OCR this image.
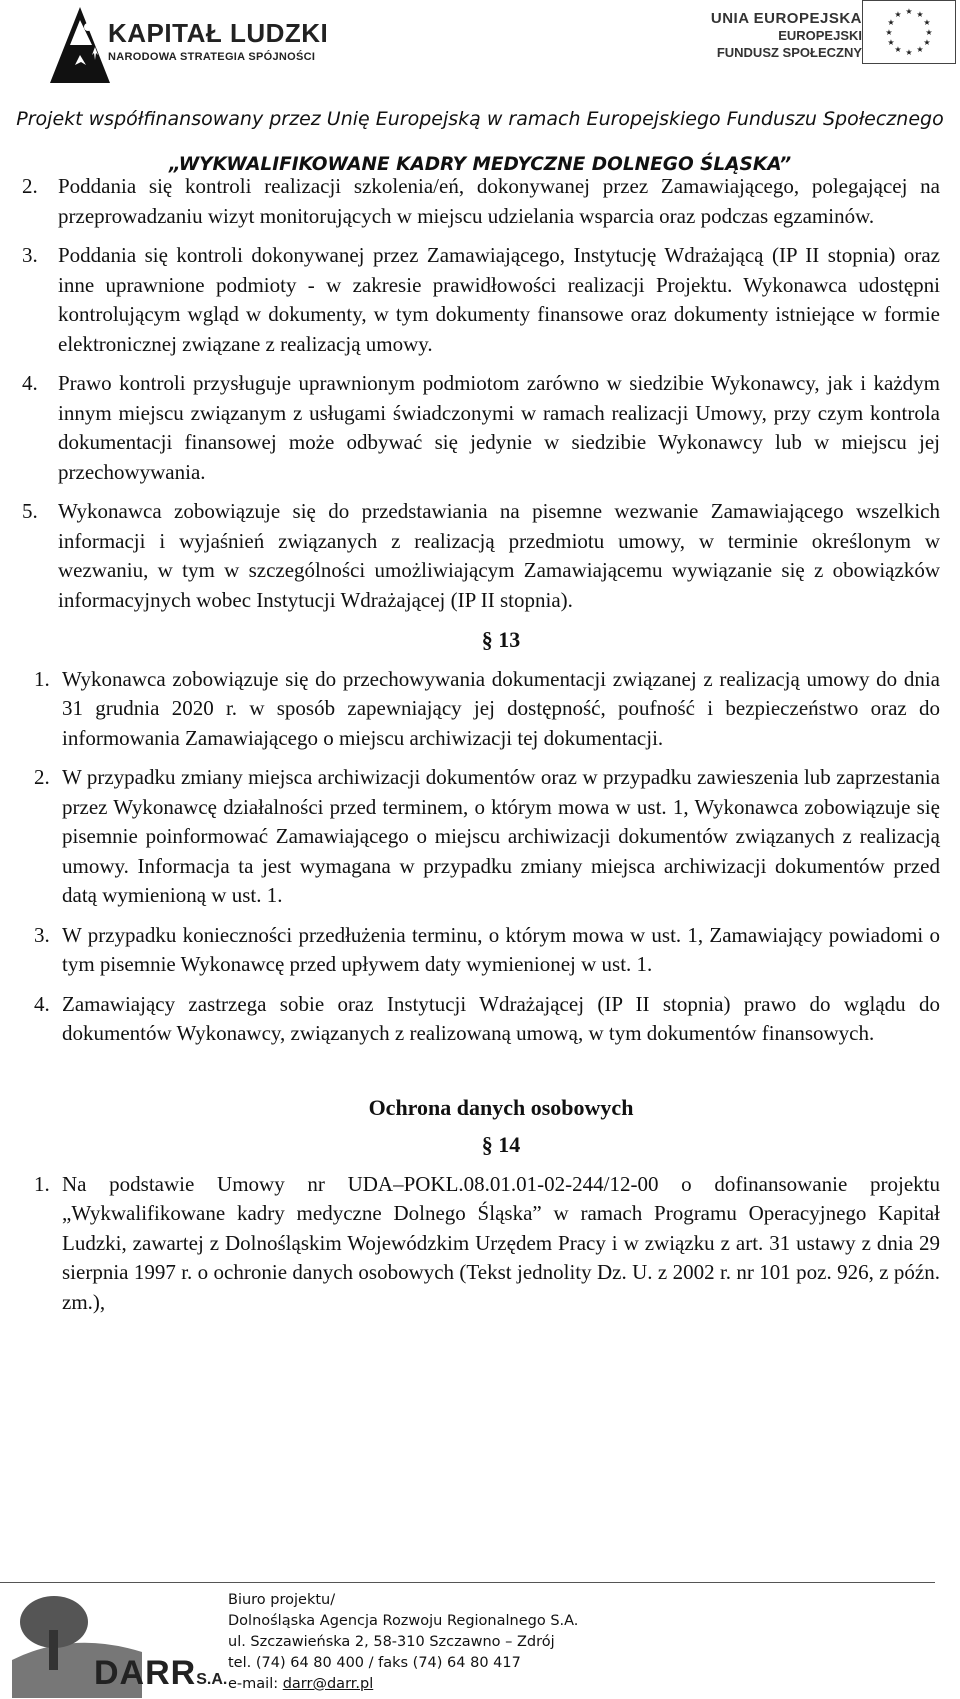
KAPITAŁ LUDZKI
NARODOWA STRATEGIA SPÓJNOŚCI
UNIA EUROPEJSKA
EUROPEJSKI
FUNDUSZ SPOŁECZNY
★ ★
★
★
★
★
★
★
★
★
★
★
Projekt współfinansowany przez Unię Europejską w ramach Europejskiego Funduszu Społecznego
„WYKWALIFIKOWANE KADRY MEDYCZNE DOLNEGO ŚLĄSKA”
2. Poddania się kontroli realizacji szkolenia/eń, dokonywanej przez Zamawiającego, polegającej na przeprowadzaniu wizyt monitorujących w miejscu udzielania wsparcia oraz podczas egzaminów.
3. Poddania się kontroli dokonywanej przez Zamawiającego, Instytucję Wdrażającą (IP II stopnia) oraz inne uprawnione podmioty - w zakresie prawidłowości realizacji Projektu. Wykonawca udostępni kontrolującym wgląd w dokumenty, w tym dokumenty finansowe oraz dokumenty istniejące w formie elektronicznej związane z realizacją umowy.
4. Prawo kontroli przysługuje uprawnionym podmiotom zarówno w siedzibie Wykonawcy, jak i każdym innym miejscu związanym z usługami świadczonymi w ramach realizacji Umowy, przy czym kontrola dokumentacji finansowej może odbywać się jedynie w siedzibie Wykonawcy lub w miejscu jej przechowywania.
5. Wykonawca zobowiązuje się do przedstawiania na pisemne wezwanie Zamawiającego wszelkich informacji i wyjaśnień związanych z realizacją przedmiotu umowy, w terminie określonym w wezwaniu, w tym w szczególności umożliwiającym Zamawiającemu wywiązanie się z obowiązków informacyjnych wobec Instytucji Wdrażającej (IP II stopnia).
§ 13
1. Wykonawca zobowiązuje się do przechowywania dokumentacji związanej z realizacją umowy do dnia 31 grudnia 2020 r. w sposób zapewniający jej dostępność, poufność i bezpieczeństwo oraz do informowania Zamawiającego o miejscu archiwizacji tej dokumentacji.
2. W przypadku zmiany miejsca archiwizacji dokumentów oraz w przypadku zawieszenia lub zaprzestania przez Wykonawcę działalności przed terminem, o którym mowa w ust. 1, Wykonawca zobowiązuje się pisemnie poinformować Zamawiającego o miejscu archiwizacji dokumentów związanych z realizacją umowy. Informacja ta jest wymagana w przypadku zmiany miejsca archiwizacji dokumentów przed datą wymienioną w ust. 1.
3. W przypadku konieczności przedłużenia terminu, o którym mowa w ust. 1, Zamawiający powiadomi o tym pisemnie Wykonawcę przed upływem daty wymienionej w ust. 1.
4. Zamawiający zastrzega sobie oraz Instytucji Wdrażającej (IP II stopnia) prawo do wglądu do dokumentów Wykonawcy, związanych z realizowaną umową, w tym dokumentów finansowych.
Ochrona danych osobowych
§ 14
1. Na podstawie Umowy nr UDA–POKL.08.01.01-02-244/12-00 o dofinansowanie projektu „Wykwalifikowane kadry medyczne Dolnego Śląska” w ramach Programu Operacyjnego Kapitał Ludzki, zawartej z Dolnośląskim Wojewódzkim Urzędem Pracy i w związku z art. 31 ustawy z dnia 29 sierpnia 1997 r. o ochronie danych osobowych (Tekst jednolity Dz. U. z 2002 r. nr 101 poz. 926, z późn. zm.),
DARRS.A.
Biuro projektu/
Dolnośląska Agencja Rozwoju Regionalnego S.A.
ul. Szczawieńska 2, 58-310 Szczawno – Zdrój
tel. (74) 64 80 400 / faks (74) 64 80 417
e-mail: darr@darr.pl
